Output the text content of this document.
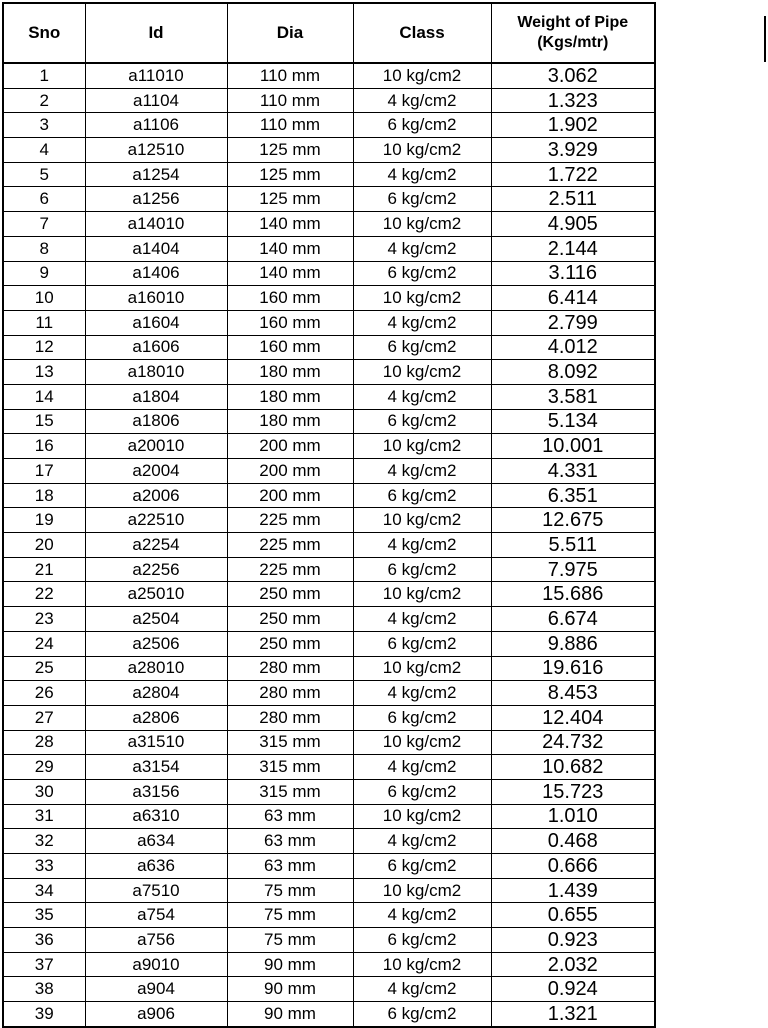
Sno	Id	Dia	Class	Weight of Pipe
(Kgs/mtr)
1	a11010	110 mm	10 kg/cm2	3.062
2	a1104	110 mm	4 kg/cm2	1.323
3	a1106	110 mm	6 kg/cm2	1.902
4	a12510	125 mm	10 kg/cm2	3.929
5	a1254	125 mm	4 kg/cm2	1.722
6	a1256	125 mm	6 kg/cm2	2.511
7	a14010	140 mm	10 kg/cm2	4.905
8	a1404	140 mm	4 kg/cm2	2.144
9	a1406	140 mm	6 kg/cm2	3.116
10	a16010	160 mm	10 kg/cm2	6.414
11	a1604	160 mm	4 kg/cm2	2.799
12	a1606	160 mm	6 kg/cm2	4.012
13	a18010	180 mm	10 kg/cm2	8.092
14	a1804	180 mm	4 kg/cm2	3.581
15	a1806	180 mm	6 kg/cm2	5.134
16	a20010	200 mm	10 kg/cm2	10.001
17	a2004	200 mm	4 kg/cm2	4.331
18	a2006	200 mm	6 kg/cm2	6.351
19	a22510	225 mm	10 kg/cm2	12.675
20	a2254	225 mm	4 kg/cm2	5.511
21	a2256	225 mm	6 kg/cm2	7.975
22	a25010	250 mm	10 kg/cm2	15.686
23	a2504	250 mm	4 kg/cm2	6.674
24	a2506	250 mm	6 kg/cm2	9.886
25	a28010	280 mm	10 kg/cm2	19.616
26	a2804	280 mm	4 kg/cm2	8.453
27	a2806	280 mm	6 kg/cm2	12.404
28	a31510	315 mm	10 kg/cm2	24.732
29	a3154	315 mm	4 kg/cm2	10.682
30	a3156	315 mm	6 kg/cm2	15.723
31	a6310	63 mm	10 kg/cm2	1.010
32	a634	63 mm	4 kg/cm2	0.468
33	a636	63 mm	6 kg/cm2	0.666
34	a7510	75 mm	10 kg/cm2	1.439
35	a754	75 mm	4 kg/cm2	0.655
36	a756	75 mm	6 kg/cm2	0.923
37	a9010	90 mm	10 kg/cm2	2.032
38	a904	90 mm	4 kg/cm2	0.924
39	a906	90 mm	6 kg/cm2	1.321
